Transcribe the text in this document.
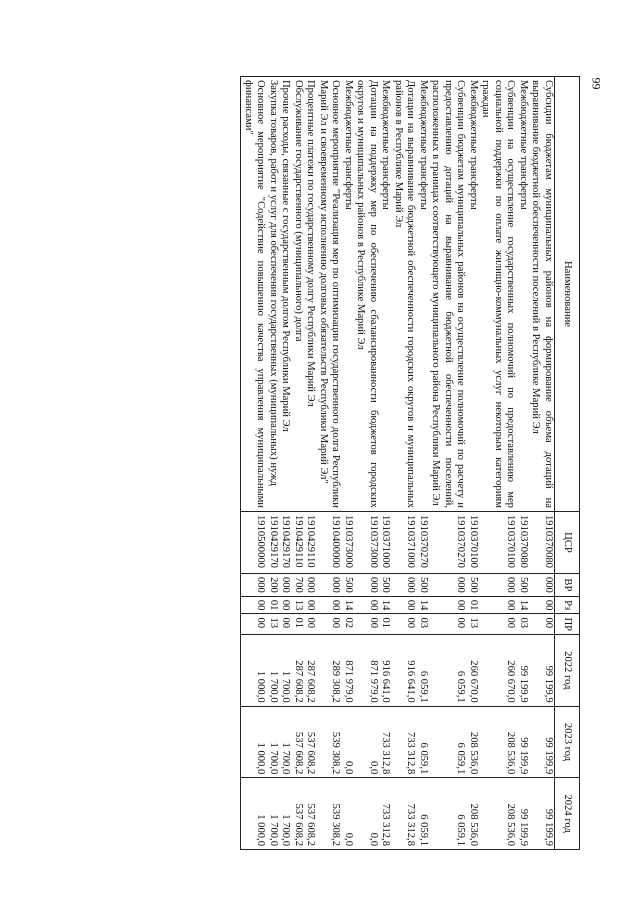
99
Наименование	ЦСР	ВР	Рз	ПР	2022 год	2023 год	2024 год
Субсидии бюджетам муниципальных районов на формирование объема дотаций на выравнивание бюджетной обеспеченности поселений в Республике Марий Эл	1910370080	000	00	00	99 199,9	99 199,9	99 199,9
Межбюджетные трансферты	1910370080	500	14	03	99 199,9	99 199,9	99 199,9
Субвенции на осуществление государственных полномочий по предоставлению мер социальной поддержки по оплате жилищно-коммунальных услуг некоторым категориям граждан	1910370100	000	00	00	260 670,0	208 536,0	208 536,0
Межбюджетные трансферты	1910370100	500	01	13	260 670,0	208 536,0	208 536,0
Субвенции бюджетам муниципальных районов на осуществление полномочий по расчету и предоставлению дотаций на выравнивание бюджетной обеспеченности поселений, расположенных в границах соответствующего муниципального района Республики Марий Эл	1910370270	000	00	00	6 059,1	6 059,1	6 059,1
Межбюджетные трансферты	1910370270	500	14	03	6 059,1	6 059,1	6 059,1
Дотации на выравнивание бюджетной обеспеченности городских округов и муниципальных районов в Республике Марий Эл	1910371000	000	00	00	916 641,0	733 312,8	733 312,8
Межбюджетные трансферты	1910371000	500	14	01	916 641,0	733 312,8	733 312,8
Дотации на поддержку мер по обеспечению сбалансированности бюджетов городских округов и муниципальных районов в Республике Марий Эл	1910373000	000	00	00	871 979,0	0,0	0,0
Межбюджетные трансферты	1910373000	500	14	02	871 979,0	0,0	0,0
Основное мероприятие "Реализация мер по оптимизации государственного долга Республики Марий Эл и своевременному исполнению долговых обязательств Республики Марий Эл"	1910400000	000	00	00	289 308,2	539 308,2	539 308,2
Процентные платежи по государственному долгу Республики Марий Эл	1910429110	000	00	00	287 608,2	537 608,2	537 608,2
Обслуживание государственного (муниципального) долга	1910429110	700	13	01	287 608,2	537 608,2	537 608,2
Прочие расходы, связанные с государственным долгом Республики Марий Эл	1910429170	000	00	00	1 700,0	1 700,0	1 700,0
Закупка товаров, работ и услуг для обеспечения государственных (муниципальных) нужд	1910429170	200	01	13	1 700,0	1 700,0	1 700,0
Основное мероприятие "Содействие повышению качества управления муниципальными финансами"	1910500000	000	00	00	1 000,0	1 000,0	1 000,0
